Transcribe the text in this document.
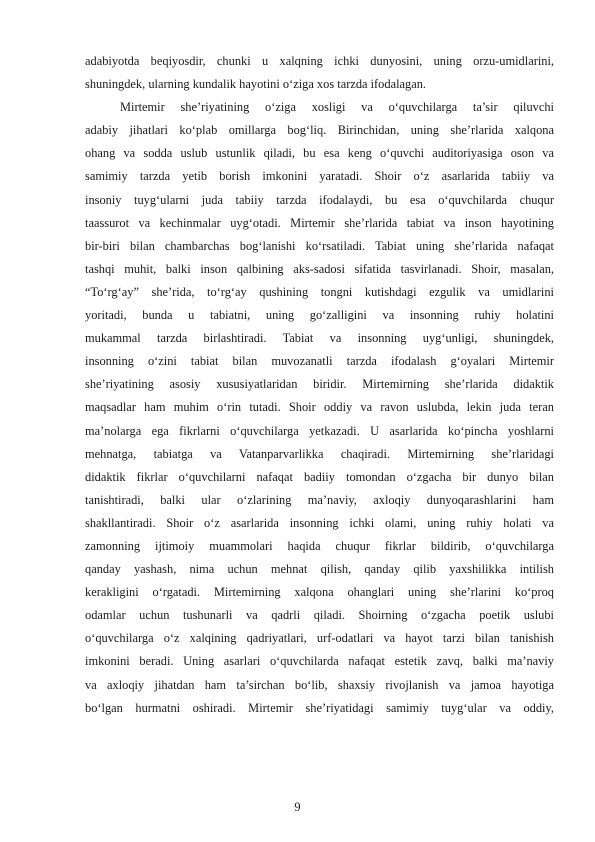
adabiyotda beqiyosdir, chunki u xalqning ichki dunyosini, uning orzu-umidlarini,
shuningdek, ularning kundalik hayotini o‘ziga xos tarzda ifodalagan.
Mirtemir she’riyatining o‘ziga xosligi va o‘quvchilarga ta’sir qiluvchi
adabiy jihatlari ko‘plab omillarga bog‘liq. Birinchidan, uning she’rlarida xalqona
ohang va sodda uslub ustunlik qiladi, bu esa keng o‘quvchi auditoriyasiga oson va
samimiy tarzda yetib borish imkonini yaratadi. Shoir o‘z asarlarida tabiiy va
insoniy tuyg‘ularni juda tabiiy tarzda ifodalaydi, bu esa o‘quvchilarda chuqur
taassurot va kechinmalar uyg‘otadi. Mirtemir she’rlarida tabiat va inson hayotining
bir-biri bilan chambarchas bog‘lanishi ko‘rsatiladi. Tabiat uning she’rlarida nafaqat
tashqi muhit, balki inson qalbining aks-sadosi sifatida tasvirlanadi. Shoir, masalan,
“To‘rg‘ay” she’rida, to‘rg‘ay qushining tongni kutishdagi ezgulik va umidlarini
yoritadi, bunda u tabiatni, uning go‘zalligini va insonning ruhiy holatini
mukammal tarzda birlashtiradi. Tabiat va insonning uyg‘unligi, shuningdek,
insonning o‘zini tabiat bilan muvozanatli tarzda ifodalash g‘oyalari Mirtemir
she’riyatining asosiy xususiyatlaridan biridir. Mirtemirning she’rlarida didaktik
maqsadlar ham muhim o‘rin tutadi. Shoir oddiy va ravon uslubda, lekin juda teran
ma’nolarga ega fikrlarni o‘quvchilarga yetkazadi. U asarlarida ko‘pincha yoshlarni
mehnatga, tabiatga va Vatanparvarlikka chaqiradi. Mirtemirning she’rlaridagi
didaktik fikrlar o‘quvchilarni nafaqat badiiy tomondan o‘zgacha bir dunyo bilan
tanishtiradi, balki ular o‘zlarining ma’naviy, axloqiy dunyoqarashlarini ham
shakllantiradi. Shoir o‘z asarlarida insonning ichki olami, uning ruhiy holati va
zamonning ijtimoiy muammolari haqida chuqur fikrlar bildirib, o‘quvchilarga
qanday yashash, nima uchun mehnat qilish, qanday qilib yaxshilikka intilish
kerakligini o‘rgatadi. Mirtemirning xalqona ohanglari uning she’rlarini ko‘proq
odamlar uchun tushunarli va qadrli qiladi. Shoirning o‘zgacha poetik uslubi
o‘quvchilarga o‘z xalqining qadriyatlari, urf-odatlari va hayot tarzi bilan tanishish
imkonini beradi. Uning asarlari o‘quvchilarda nafaqat estetik zavq, balki ma’naviy
va axloqiy jihatdan ham ta’sirchan bo‘lib, shaxsiy rivojlanish va jamoa hayotiga
bo‘lgan hurmatni oshiradi. Mirtemir she’riyatidagi samimiy tuyg‘ular va oddiy,
9
